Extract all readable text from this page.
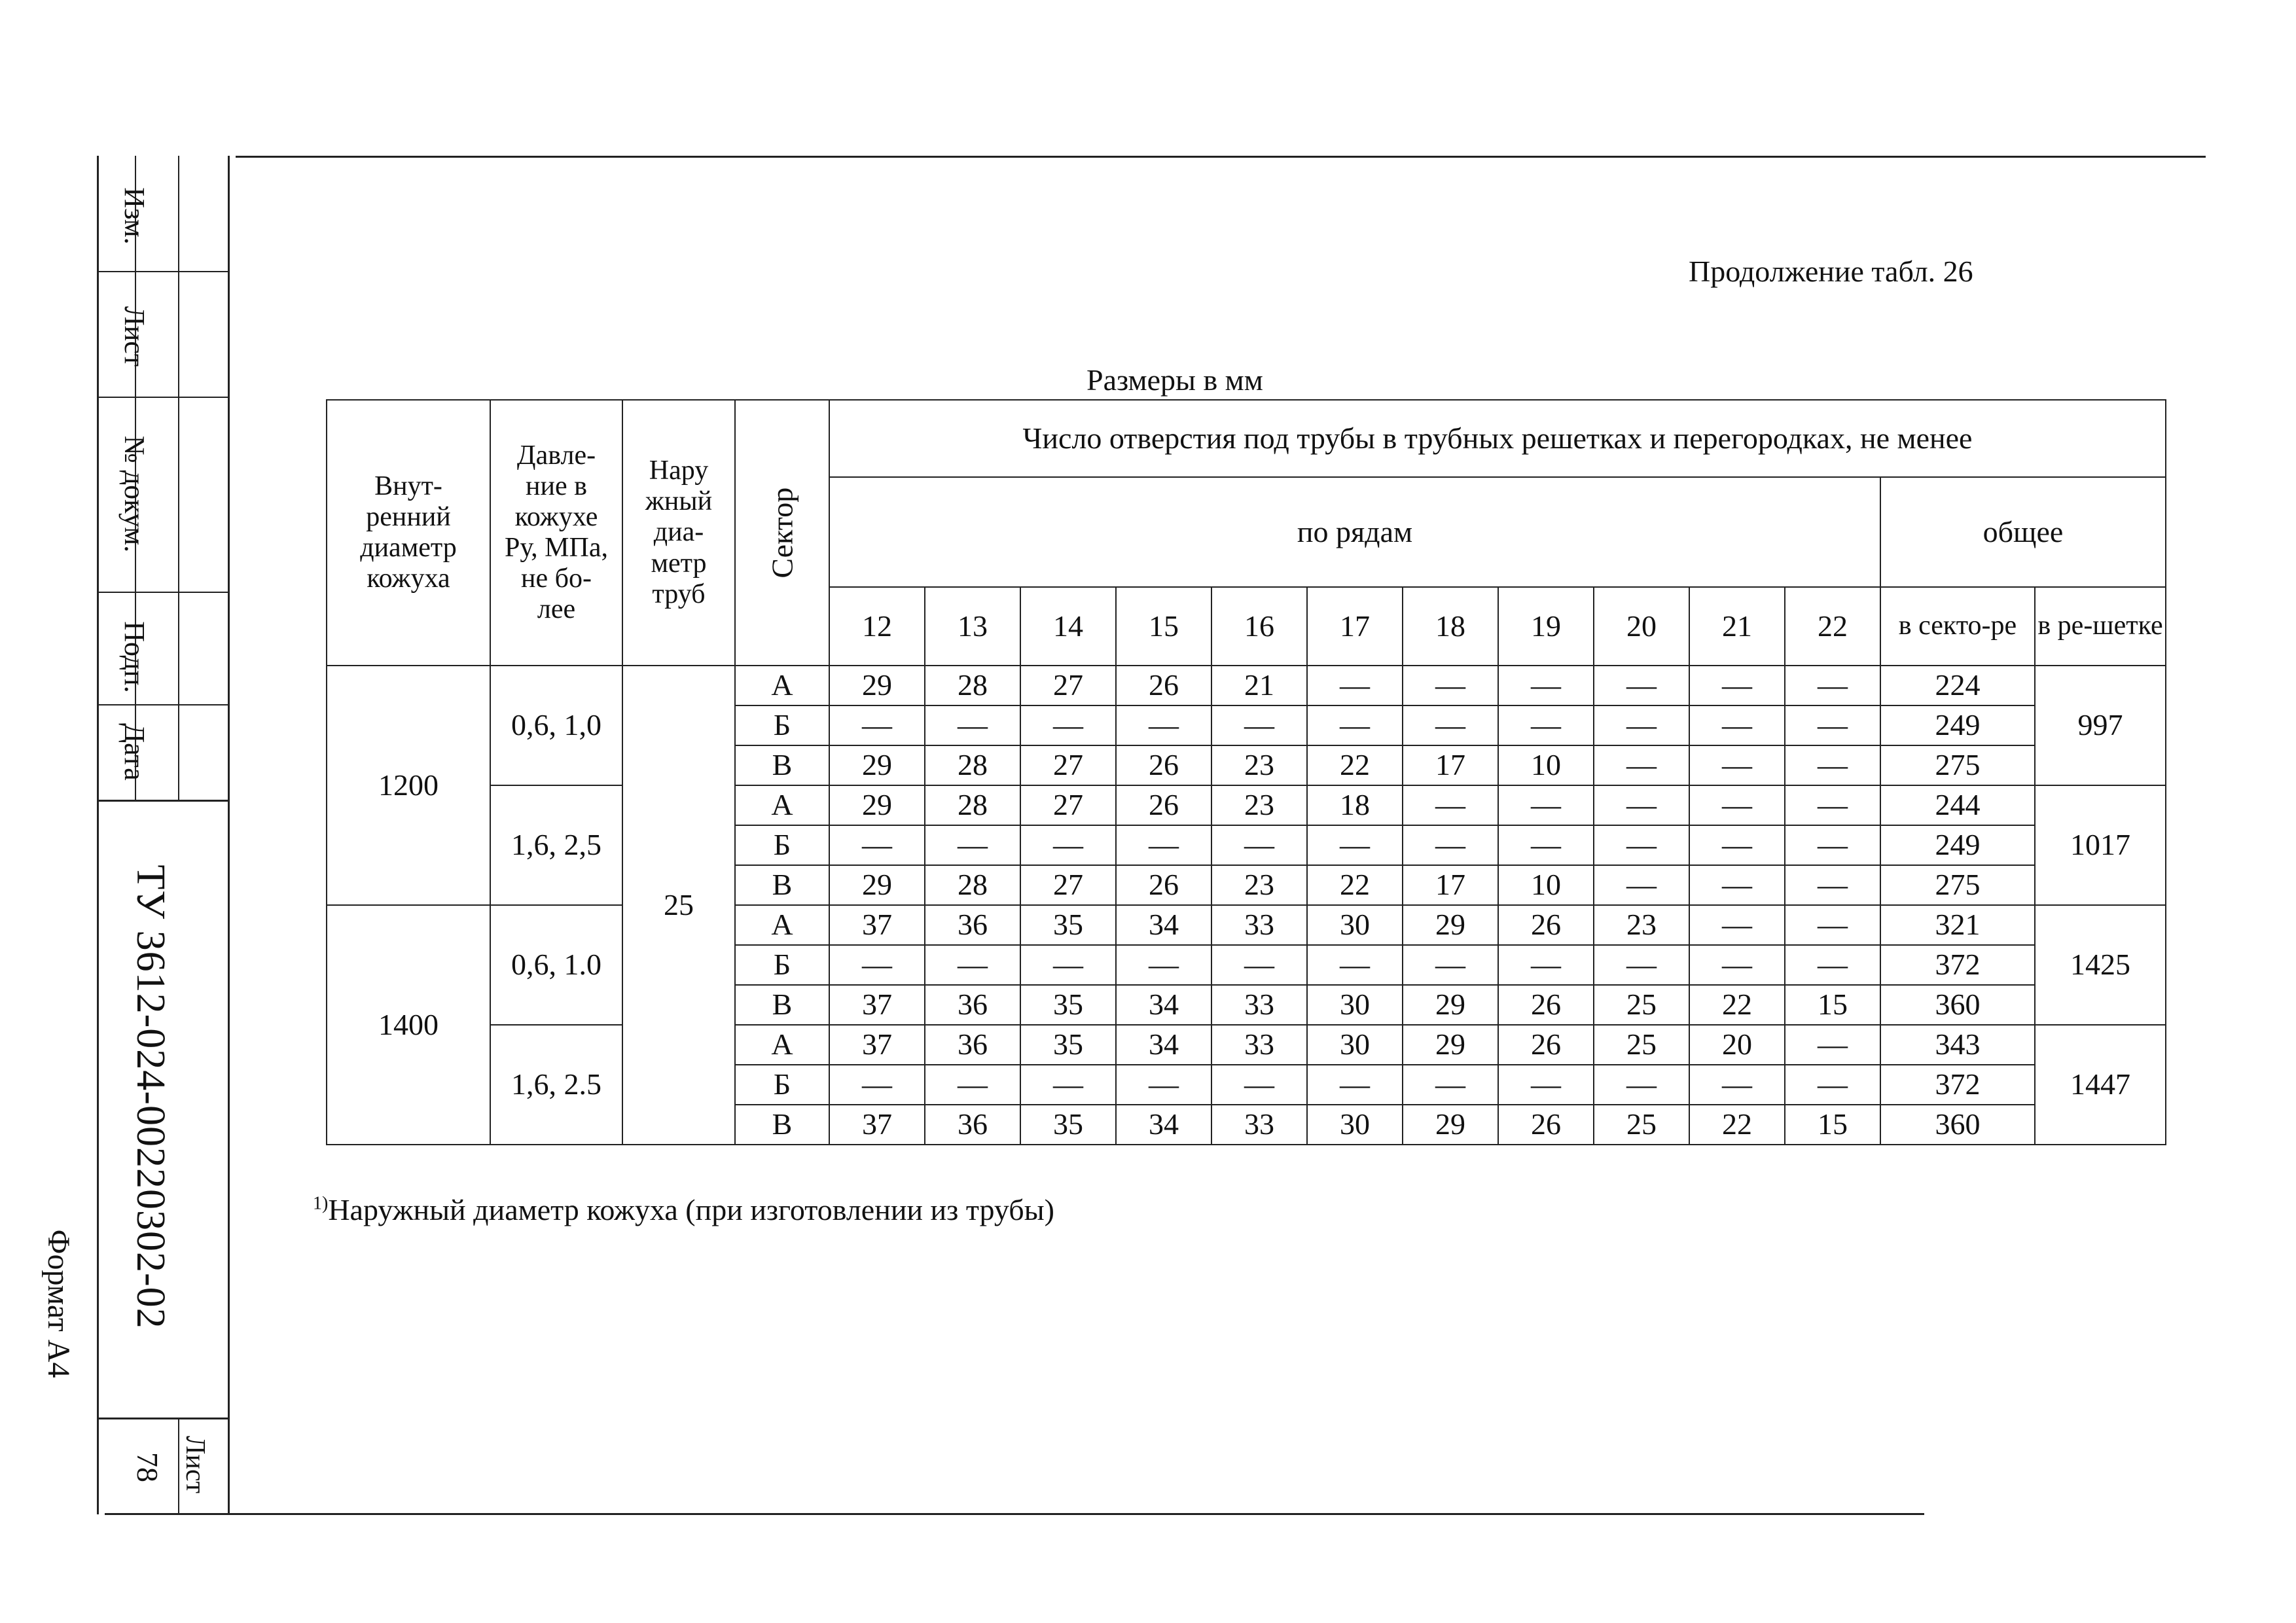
Изм.
Лист
№ докум.
Подп.
Дата
ТУ 3612-024-00220302-02
Формат А4
Лист
78
Продолжение табл. 26
Размеры в мм
Внут-ренний диаметр кожуха	Давле-ние в кожухе Pу, МПа, не бо-лее	Нару жный диа-метр труб	Сектор	Число отверстия под трубы в трубных решетках и перегородках, не менее												
				по рядам											общее	
				12	13	14	15	16	17	18	19	20	21	22	в секто-ре	в ре-шетке
1200	0,6, 1,0	25	А	29	28	27	26	21	—	—	—	—	—	—	224	997
			Б	—	—	—	—	—	—	—	—	—	—	—	249	
			В	29	28	27	26	23	22	17	10	—	—	—	275	
	1,6, 2,5		А	29	28	27	26	23	18	—	—	—	—	—	244	1017
			Б	—	—	—	—	—	—	—	—	—	—	—	249	
			В	29	28	27	26	23	22	17	10	—	—	—	275	
1400	0,6, 1.0		А	37	36	35	34	33	30	29	26	23	—	—	321	1425
			Б	—	—	—	—	—	—	—	—	—	—	—	372	
			В	37	36	35	34	33	30	29	26	25	22	15	360	
	1,6, 2.5		А	37	36	35	34	33	30	29	26	25	20	—	343	1447
			Б	—	—	—	—	—	—	—	—	—	—	—	372	
			В	37	36	35	34	33	30	29	26	25	22	15	360	
$^{1)}$Наружный диаметр кожуха (при изготовлении из трубы)
